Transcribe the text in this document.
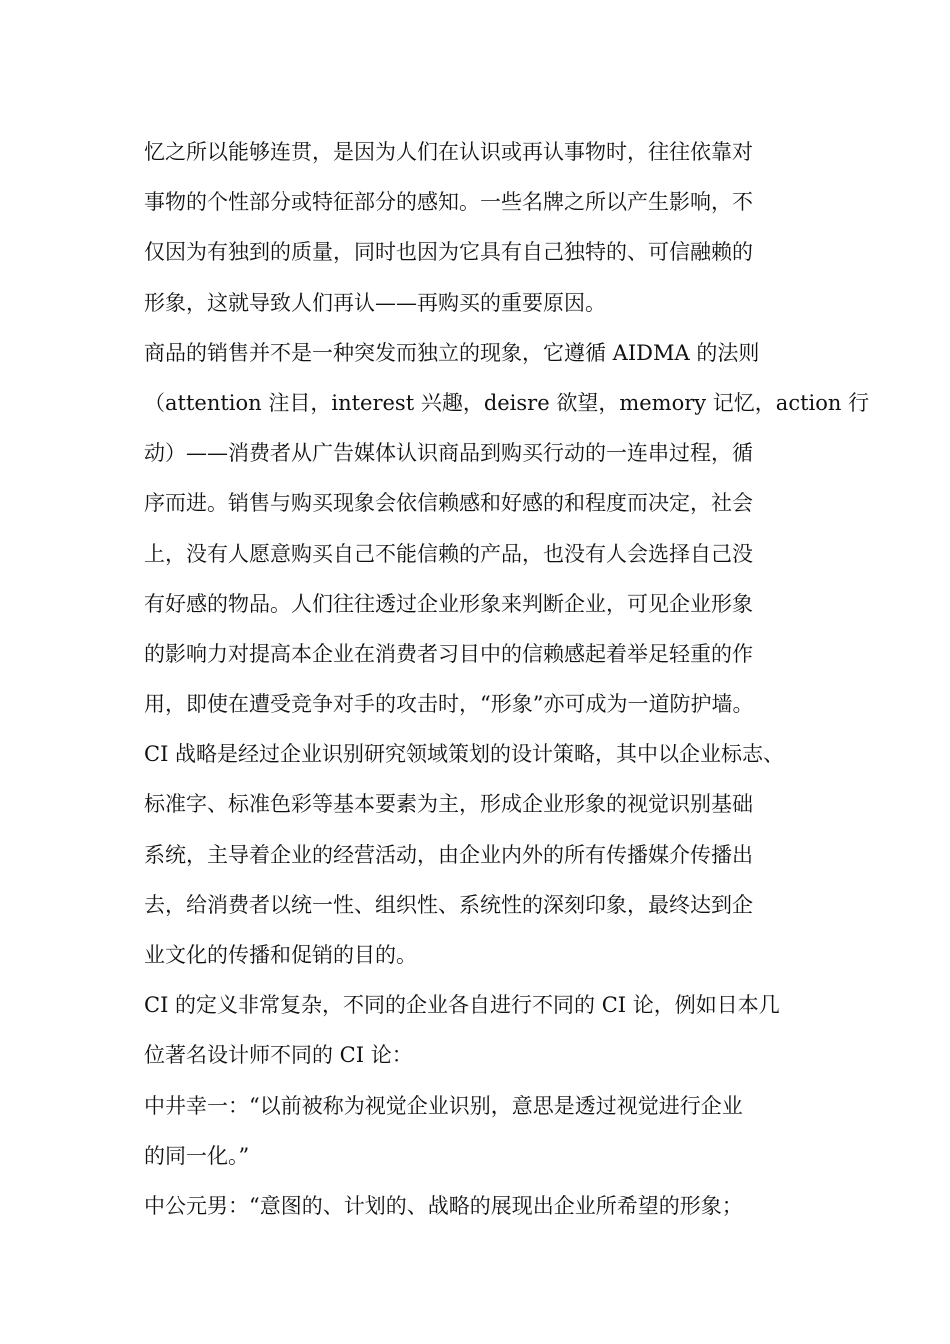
忆之所以能够连贯，是因为人们在认识或再认事物时，往往依靠对
事物的个性部分或特征部分的感知。一些名牌之所以产生影响，不
仅因为有独到的质量，同时也因为它具有自己独特的、可信融赖的
形象，这就导致人们再认——再购买的重要原因。

商品的销售并不是一种突发而独立的现象，它遵循 AIDMA 的法则
（attention 注目，interest 兴趣，deisre 欲望，memory 记忆，action 行
动）——消费者从广告媒体认识商品到购买行动的一连串过程，循
序而进。销售与购买现象会依信赖感和好感的和程度而决定，社会
上，没有人愿意购买自己不能信赖的产品，也没有人会选择自己没
有好感的物品。人们往往透过企业形象来判断企业，可见企业形象
的影响力对提高本企业在消费者习目中的信赖感起着举足轻重的作
用，即使在遭受竞争对手的攻击时，“形象”亦可成为一道防护墙。

CI 战略是经过企业识别研究领域策划的设计策略，其中以企业标志、
标准字、标准色彩等基本要素为主，形成企业形象的视觉识别基础
系统，主导着企业的经营活动，由企业内外的所有传播媒介传播出
去，给消费者以统一性、组织性、系统性的深刻印象，最终达到企
业文化的传播和促销的目的。

CI 的定义非常复杂，不同的企业各自进行不同的 CI 论，例如日本几
位著名设计师不同的 CI 论：

中井幸一：“以前被称为视觉企业识别，意思是透过视觉进行企业
的同一化。”

中公元男：“意图的、计划的、战略的展现出企业所希望的形象；
